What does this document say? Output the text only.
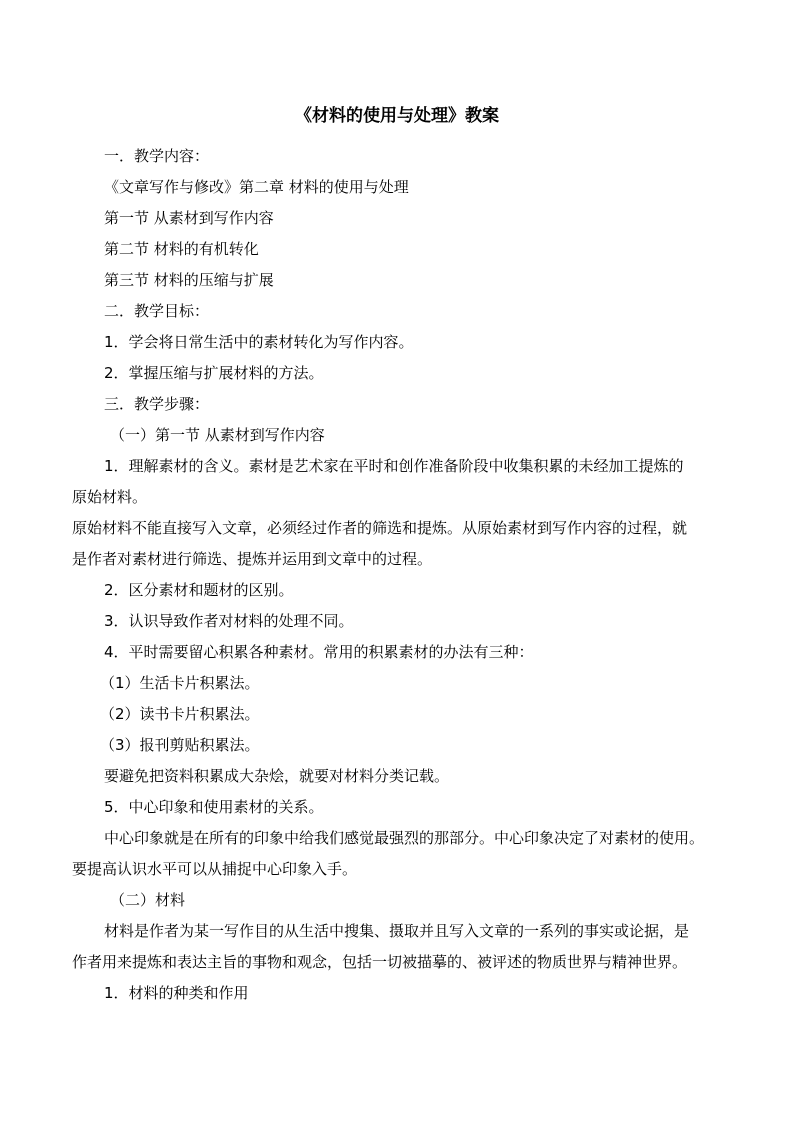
《材料的使用与处理》教案
一．教学内容：
《文章写作与修改》第二章 材料的使用与处理
第一节 从素材到写作内容
第二节 材料的有机转化
第三节 材料的压缩与扩展
二．教学目标：
1．学会将日常生活中的素材转化为写作内容。
2．掌握压缩与扩展材料的方法。
三．教学步骤：
（一）第一节 从素材到写作内容
1．理解素材的含义。素材是艺术家在平时和创作准备阶段中收集积累的未经加工提炼的
原始材料。
原始材料不能直接写入文章，必须经过作者的筛选和提炼。从原始素材到写作内容的过程，就
是作者对素材进行筛选、提炼并运用到文章中的过程。
2．区分素材和题材的区别。
3．认识导致作者对材料的处理不同。
4．平时需要留心积累各种素材。常用的积累素材的办法有三种：
（1）生活卡片积累法。
（2）读书卡片积累法。
（3）报刊剪贴积累法。
要避免把资料积累成大杂烩，就要对材料分类记载。
5．中心印象和使用素材的关系。
中心印象就是在所有的印象中给我们感觉最强烈的那部分。中心印象决定了对素材的使用。
要提高认识水平可以从捕捉中心印象入手。
（二）材料
材料是作者为某一写作目的从生活中搜集、摄取并且写入文章的一系列的事实或论据，是
作者用来提炼和表达主旨的事物和观念，包括一切被描摹的、被评述的物质世界与精神世界。
1．材料的种类和作用
